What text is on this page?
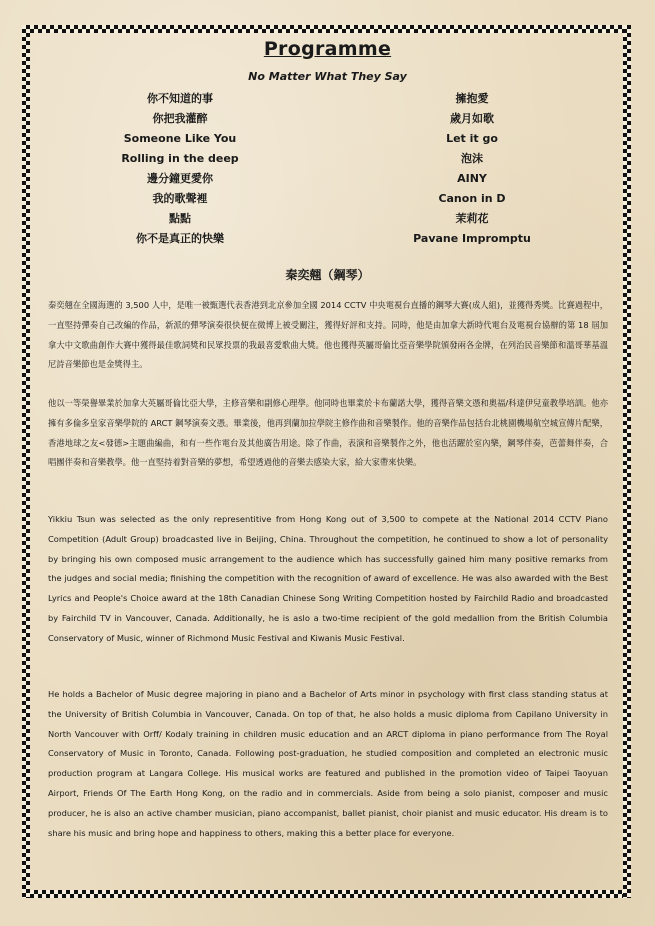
Programme
No Matter What They Say
你不知道的事
你把我灌醉
Someone Like You
Rolling in the deep
邊分鐘更愛你
我的歌聲裡
點點
你不是真正的快樂
擁抱愛
歲月如歌
Let it go
泡沫
AINY
Canon in D
茉莉花
Pavane Impromptu
秦奕翹（鋼琴）
秦奕翹在全國海選的 3,500 人中，是唯一被甄選代表香港到北京參加全國 2014 CCTV 中央電視台直播的鋼琴大賽(成人組)，並獲得秀獎。比賽過程中，一直堅持彈奏自己改編的作品，新派的彈琴演奏很快便在微博上被受關注，獲得好評和支持。同時，他是由加拿大新時代電台及電視台協辦的第 18 屆加拿大中文歌曲創作大賽中獲得最佳歌詞獎和民眾投票的我最喜愛歌曲大獎。他也獲得英屬哥倫比亞音樂學院頒發兩各金牌，在列治民音樂節和溫哥華基溫尼詩音樂節也是金獎得主。
他以一等榮譽畢業於加拿大英屬哥倫比亞大學，主修音樂和副修心理學。他同時也畢業於卡布蘭諾大學，獲得音樂文憑和奧福/科達伊兒童教學培訓。他亦擁有多倫多皇家音樂學院的 ARCT 鋼琴演奏文憑。畢業後，他再到蘭加拉學院主修作曲和音樂製作。他的音樂作品包括台北桃園機場航空城宣傳片配樂，香港地球之友<發德>主題曲編曲，和有一些作電台及其他廣告用途。除了作曲，表演和音樂製作之外，他也活躍於室內樂，鋼琴伴奏，芭蕾舞伴奏，合唱團伴奏和音樂教學。他一直堅持着對音樂的夢想，希望透過他的音樂去感染大家，給大家帶來快樂。
Yikkiu Tsun was selected as the only representitive from Hong Kong out of 3,500 to compete at the National 2014 CCTV Piano Competition (Adult Group) broadcasted live in Beijing, China. Throughout the competition, he continued to show a lot of personality by bringing his own composed music arrangement to the audience which has successfully gained him many positive remarks from the judges and social media; finishing the competition with the recognition of award of excellence. He was also awarded with the Best Lyrics and People's Choice award at the 18th Canadian Chinese Song Writing Competition hosted by Fairchild Radio and broadcasted by Fairchild TV in Vancouver, Canada. Additionally, he is aslo a two-time recipient of the gold medallion from the British Columbia Conservatory of Music, winner of Richmond Music Festival and Kiwanis Music Festival.
He holds a Bachelor of Music degree majoring in piano and a Bachelor of Arts minor in psychology with first class standing status at the University of British Columbia in Vancouver, Canada. On top of that, he also holds a music diploma from Capilano University in North Vancouver with Orff/ Kodaly training in children music education and an ARCT diploma in piano performance from The Royal Conservatory of Music in Toronto, Canada. Following post-graduation, he studied composition and completed an electronic music production program at Langara College. His musical works are featured and published in the promotion video of Taipei Taoyuan Airport, Friends Of The Earth Hong Kong, on the radio and in commercials. Aside from being a solo pianist, composer and music producer, he is also an active chamber musician, piano accompanist, ballet pianist, choir pianist and music educator. His dream is to share his music and bring hope and happiness to others, making this a better place for everyone.
